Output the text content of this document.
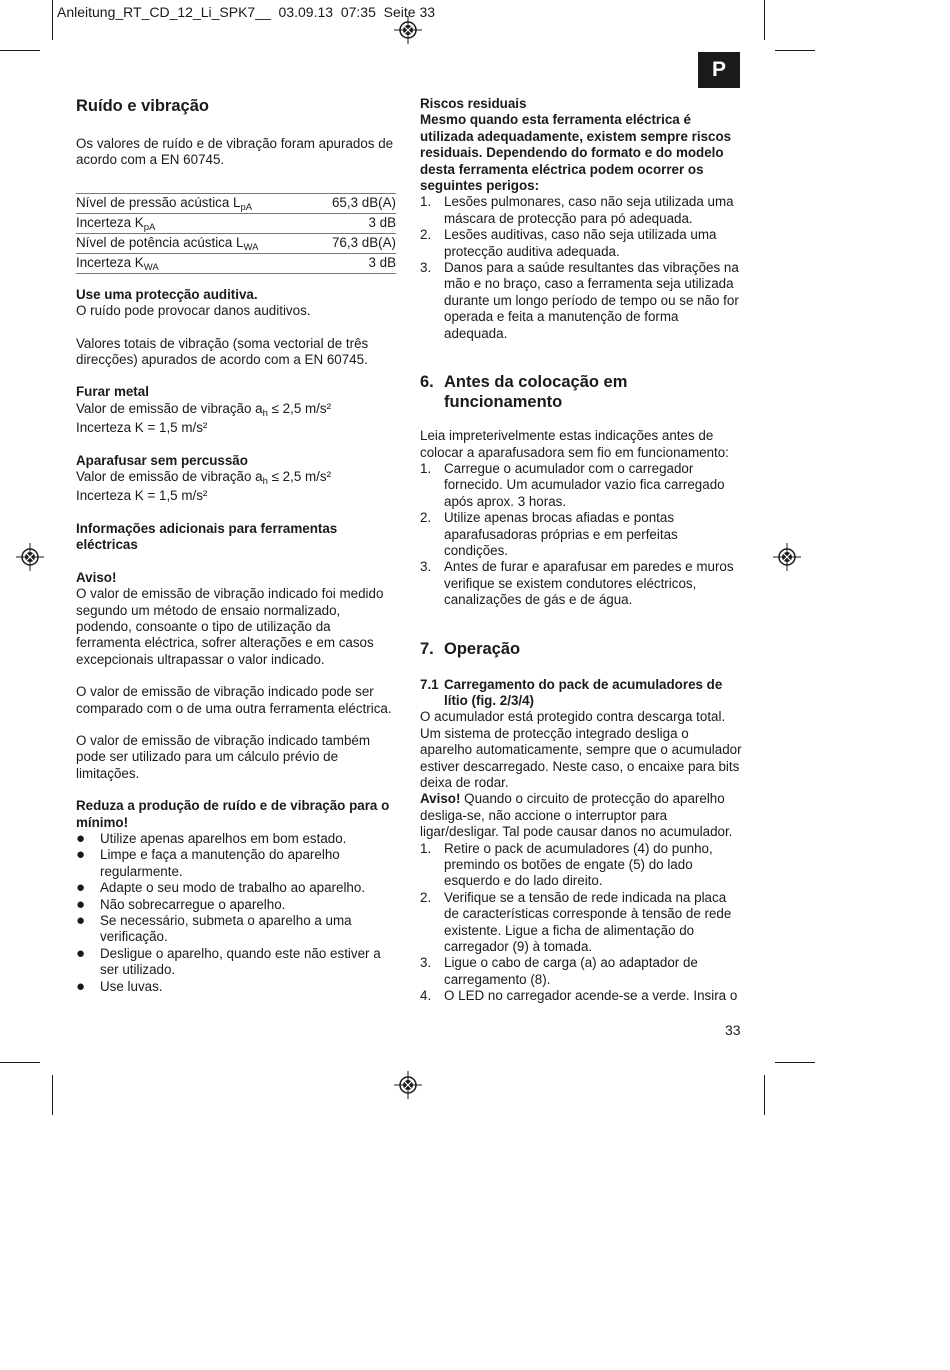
Anleitung_RT_CD_12_Li_SPK7__  03.09.13  07:35  Seite 33
P

Ruído e vibração

Os valores de ruído e de vibração foram apurados de acordo com a EN 60745.

Nível de pressão acústica $L_{pA}$	65,3 dB(A)
Incerteza $K_{pA}$	3 dB
Nível de potência acústica $L_{WA}$	76,3 dB(A)
Incerteza $K_{WA}$	3 dB

Use uma protecção auditiva.

O ruído pode provocar danos auditivos.

Valores totais de vibração (soma vectorial de três direcções) apurados de acordo com a EN 60745.

Furar metal

Valor de emissão de vibração $a_h \le 2,5$ m/s²

Incerteza K = 1,5 m/s²

Aparafusar sem percussão

Valor de emissão de vibração $a_h \le 2,5$ m/s²

Incerteza K = 1,5 m/s²

Informações adicionais para ferramentas eléctricas

Aviso!

O valor de emissão de vibração indicado foi medido segundo um método de ensaio normalizado, podendo, consoante o tipo de utilização da ferramenta eléctrica, sofrer alterações e em casos excepcionais ultrapassar o valor indicado.

O valor de emissão de vibração indicado pode ser comparado com o de uma outra ferramenta eléctrica.

O valor de emissão de vibração indicado também pode ser utilizado para um cálculo prévio de limitações.

Reduza a produção de ruído e de vibração para o mínimo!

●	Utilize apenas aparelhos em bom estado.
●	Limpe e faça a manutenção do aparelho regularmente.
●	Adapte o seu modo de trabalho ao aparelho.
●	Não sobrecarregue o aparelho.
●	Se necessário, submeta o aparelho a uma verificação.
●	Desligue o aparelho, quando este não estiver a ser utilizado.
●	Use luvas.

Riscos residuais

Mesmo quando esta ferramenta eléctrica é utilizada adequadamente, existem sempre riscos residuais. Dependendo do formato e do modelo desta ferramenta eléctrica podem ocorrer os seguintes perigos:

1. Lesões pulmonares, caso não seja utilizada uma máscara de protecção para pó adequada.
2. Lesões auditivas, caso não seja utilizada uma protecção auditiva adequada.
3. Danos para a saúde resultantes das vibrações na mão e no braço, caso a ferramenta seja utilizada durante um longo período de tempo ou se não for operada e feita a manutenção de forma adequada.
6. Antes da colocação em funcionamento

Leia impreterivelmente estas indicações antes de colocar a aparafusadora sem fio em funcionamento:

1. Carregue o acumulador com o carregador fornecido. Um acumulador vazio fica carregado após aprox. 3 horas.
2. Utilize apenas brocas afiadas e pontas aparafusadoras próprias e em perfeitas condições.
3. Antes de furar e aparafusar em paredes e muros verifique se existem condutores eléctricos, canalizações de gás e de água.
7. Operação
7.1 Carregamento do pack de acumuladores de lítio (fig. 2/3/4)

O acumulador está protegido contra descarga total. Um sistema de protecção integrado desliga o aparelho automaticamente, sempre que o acumulador estiver descarregado. Neste caso, o encaixe para bits deixa de rodar.

Aviso! Quando o circuito de protecção do aparelho desliga-se, não accione o interruptor para ligar/desligar. Tal pode causar danos no acumulador.

1. Retire o pack de acumuladores (4) do punho, premindo os botões de engate (5) do lado esquerdo e do lado direito.
2. Verifique se a tensão de rede indicada na placa de características corresponde à tensão de rede existente. Ligue a ficha de alimentação do carregador (9) à tomada.
3. Ligue o cabo de carga (a) ao adaptador de carregamento (8).
4. O LED no carregador acende-se a verde. Insira o
33
